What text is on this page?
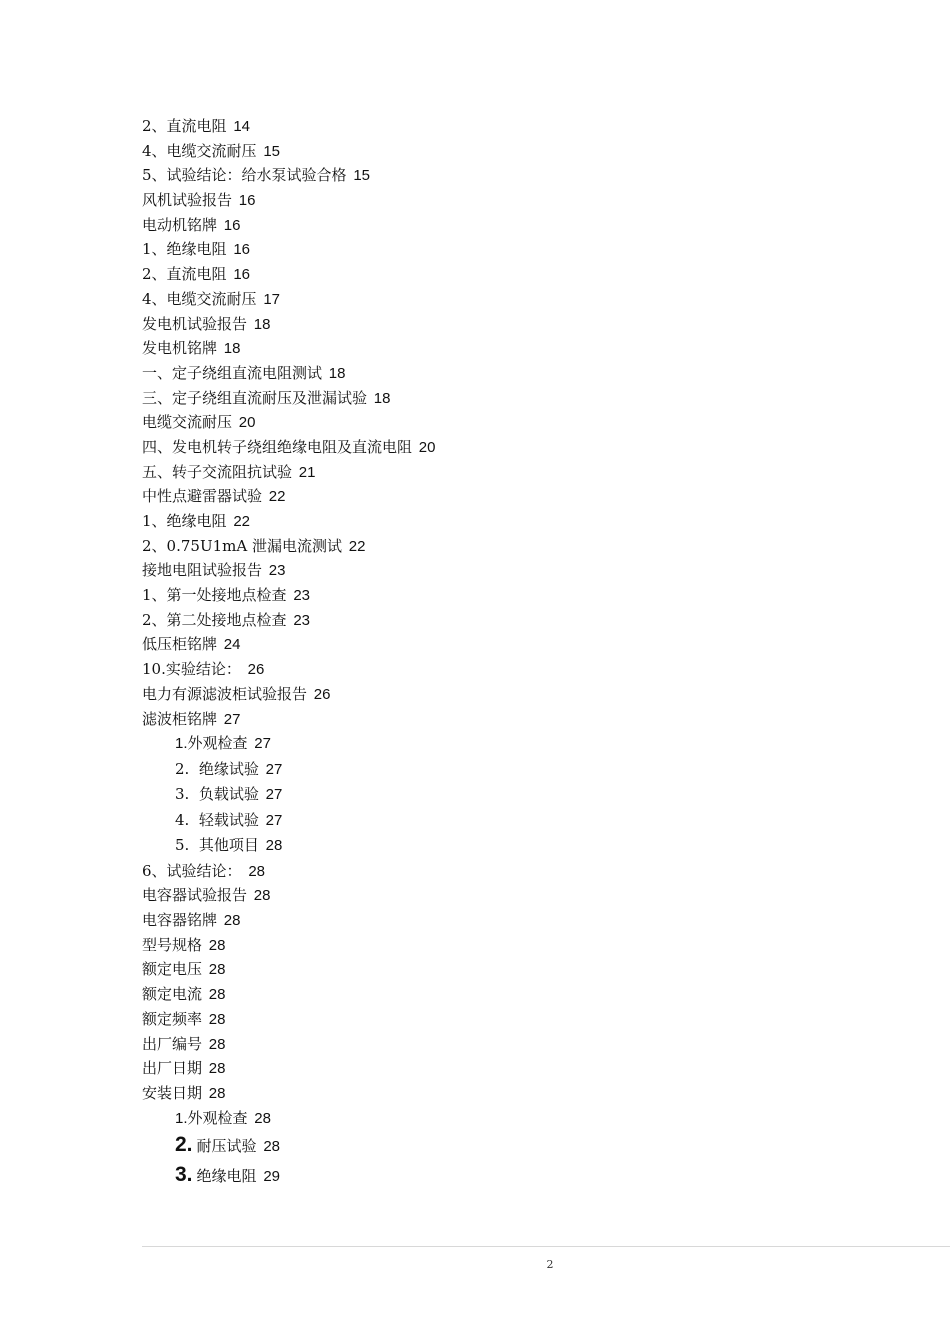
2、直流电阻 14
4、电缆交流耐压 15
5、试验结论：给水泵试验合格 15
风机试验报告 16
电动机铭牌 16
1、绝缘电阻 16
2、直流电阻 16
4、电缆交流耐压 17
发电机试验报告 18
发电机铭牌 18
一、定子绕组直流电阻测试 18
三、定子绕组直流耐压及泄漏试验 18
电缆交流耐压 20
四、发电机转子绕组绝缘电阻及直流电阻 20
五、转子交流阻抗试验 21
中性点避雷器试验 22
1、绝缘电阻 22
2、0.75U1mA 泄漏电流测试 22
接地电阻试验报告 23
1、第一处接地点检查 23
2、第二处接地点检查 23
低压柜铭牌 24
10.实验结论： 26
电力有源滤波柜试验报告 26
滤波柜铭牌 27
1.外观检查 27
2.  绝缘试验 27
3.  负载试验 27
4.  轻载试验 27
5.  其他项目 28
6、试验结论： 28
电容器试验报告 28
电容器铭牌 28
型号规格 28
额定电压 28
额定电流 28
额定频率 28
出厂编号 28
出厂日期 28
安装日期 28
1.外观检查 28
2. 耐压试验 28
3. 绝缘电阻 29
2
